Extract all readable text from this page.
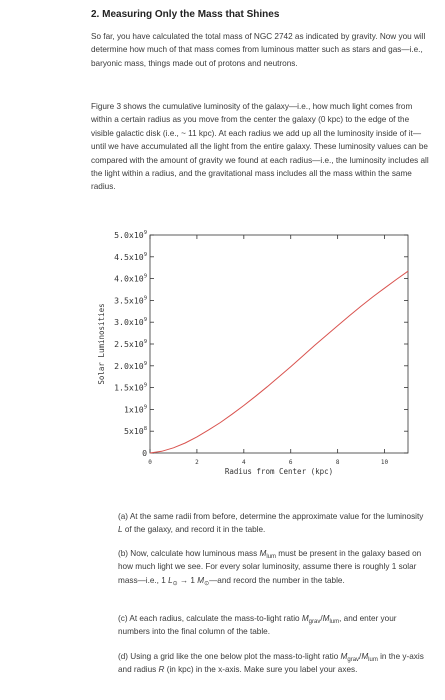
2. Measuring Only the Mass that Shines

So far, you have calculated the total mass of NGC 2742 as indicated by gravity. Now you will determine how much of that mass comes from luminous matter such as stars and gas—i.e., baryonic mass, things made out of protons and neutrons.

Figure 3 shows the cumulative luminosity of the galaxy—i.e., how much light comes from within a certain radius as you move from the center the galaxy (0 kpc) to the edge of the visible galactic disk (i.e., ~ 11 kpc). At each radius we add up all the luminosity inside of it—until we have accumulated all the light from the entire galaxy. These luminosity values can be compared with the amount of gravity we found at each radius—i.e., the luminosity includes all the light within a radius, and the gravitational mass includes all the mass within the same radius.

0
$5x10^8$
$1x10^9$
$1.5x10^9$
$2.0x10^9$
$2.5x10^9$
$3.0x10^9$
$3.5x10^9$
$4.0x10^9$
$4.5x10^9$
$5.0x10^9$
0	2	4	6	8	10
Radius from Center (kpc)
Solar Luminosities

(a) At the same radii from before, determine the approximate value for the luminosity L of the galaxy, and record it in the table.

(b) Now, calculate how luminous mass $M_{lum}$ must be present in the galaxy based on how much light we see. For every solar luminosity, assume there is roughly 1 solar mass—i.e., 1 $L_⊙ \to 1$ $M_⊙—and$ record the number in the table.

(c) At each radius, calculate the mass-to-light ratio $M_{grav}/M_{lum}$, and enter your numbers into the final column of the table.

(d) Using a grid like the one below plot the mass-to-light ratio $M_{grav}/M_{lum}$ in the y-axis and radius R (in kpc) in the x-axis. Make sure you label your axes.
